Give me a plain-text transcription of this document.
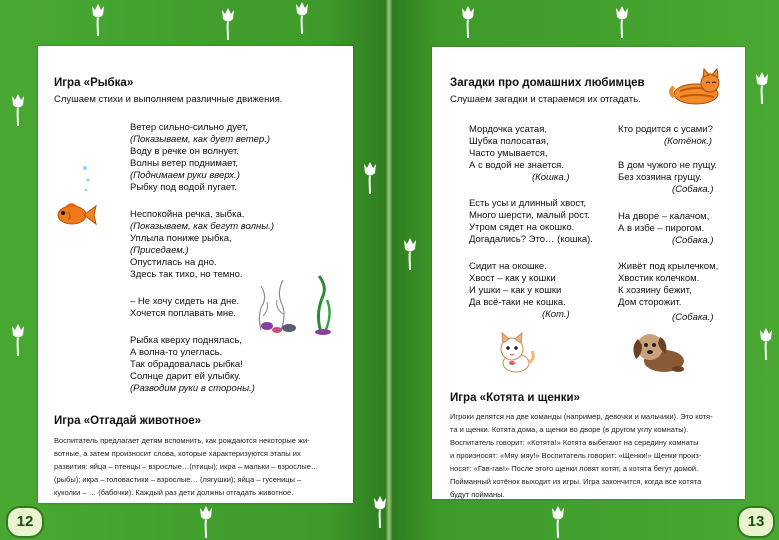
Игра «Рыбка»
Слушаем стихи и выполняем различные движения.
Ветер сильно-сильно дует,
(Показываем, как дует ветер.)
Воду в речке он волнует.
Волны ветер поднимает,
(Поднимаем руки вверх.)
Рыбку под водой пугает.
Неспокойна речка, зыбка.
(Показываем, как бегут волны.)
Уплыла пониже рыбка,
(Приседаем.)
Опустилась на дно.
Здесь так тихо, но темно.
– Не хочу сидеть на дне.
Хочется поплавать мне.
Рыбка кверху поднялась,
А волна-то улеглась.
Так обрадовалась рыбка!
Солнце дарит ей улыбку.
(Разводим руки в стороны.)
Игра «Отгадай животное»
Воспитатель предлагает детям вспомнить, как рождаются некоторые жи-
вотные, а затем произносит слова, которые характеризуются этапы их
развития: яйца – птенцы – взрослые…(птицы); икра – мальки – взрослые…
(рыбы); икра – головастики – взрослые… (лягушки); яйца – гусеницы –
куколки – … (бабочки). Каждый раз дети должны отгадать животное.
12
Загадки про домашних любимцев
Слушаем загадки и стараемся их отгадать.
Мордочка усатая,
Шубка полосатая,
Часто умывается,
А с водой не знается.
(Кошка.)
Есть усы и длинный хвост,
Много шерсти, малый рост.
Утром сядет на окошко.
Догадались? Это… (кошка).
Сидит на окошке.
Хвост – как у кошки
И ушки – как у кошки
Да всё-таки не кошка.
(Кот.)
Кто родится с усами?
(Котёнок.)
В дом чужого не пущу.
Без хозяина грущу.
(Собака.)
На дворе – калачом,
А в избе – пирогом.
(Собака.)
Живёт под крылечком,
Хвостик колечком.
К хозяину бежит,
Дом сторожит.
(Собака.)
Игра «Котята и щенки»
Игроки делятся на две команды (например, девочки и мальчики). Это котя-
та и щенки. Котята дома, а щенки во дворе (в другом углу комнаты).
Воспитатель говорит: «Котята!» Котята выбегают на середину комнаты
и произносят: «Мяу мяу!» Воспитатель говорит: «Щенки!» Щенки произ-
носят: «Гав-гав!» После этого щенки ловят котят, а котята бегут домой.
Пойманный котёнок выходит из игры. Игра закончится, когда все котята
будут пойманы.
13
